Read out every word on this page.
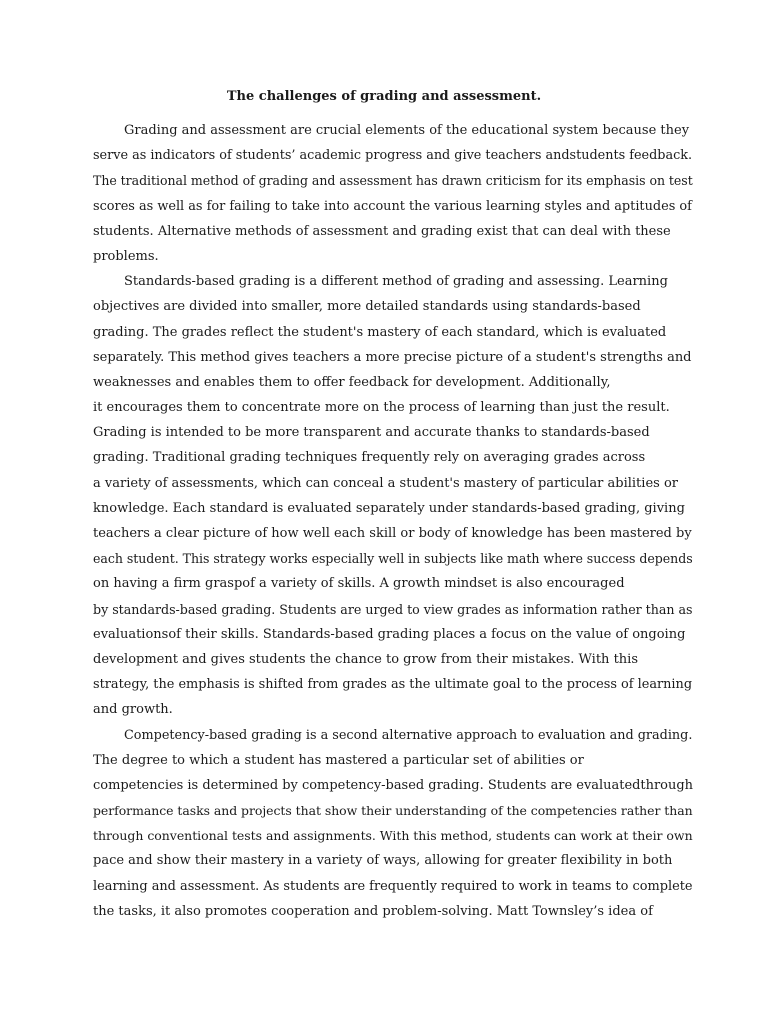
The challenges of grading and assessment.

Grading and assessment are crucial elements of the educational system because they

serve as indicators of students’ academic progress and give teachers andstudents feedback.

The traditional method of grading and assessment has drawn criticism for its emphasis on test

scores as well as for failing to take into account the various learning styles and aptitudes of

students. Alternative methods of assessment and grading exist that can deal with these

problems.

Standards-based grading is a different method of grading and assessing. Learning

objectives are divided into smaller, more detailed standards using standards-based

grading. The grades reflect the student's mastery of each standard, which is evaluated

separately. This method gives teachers a more precise picture of a student's strengths and

weaknesses and enables them to offer feedback for development. Additionally,

it encourages them to concentrate more on the process of learning than just the result.

Grading is intended to be more transparent and accurate thanks to standards-based

grading. Traditional grading techniques frequently rely on averaging grades across

a variety of assessments, which can conceal a student's mastery of particular abilities or

knowledge. Each standard is evaluated separately under standards-based grading, giving

teachers a clear picture of how well each skill or body of knowledge has been mastered by

each student. This strategy works especially well in subjects like math where success depends

on having a firm graspof a variety of skills. A growth mindset is also encouraged

by standards-based grading. Students are urged to view grades as information rather than as

evaluationsof their skills. Standards-based grading places a focus on the value of ongoing

development and gives students the chance to grow from their mistakes. With this

strategy, the emphasis is shifted from grades as the ultimate goal to the process of learning

and growth.

Competency-based grading is a second alternative approach to evaluation and grading.

The degree to which a student has mastered a particular set of abilities or

competencies is determined by competency-based grading. Students are evaluatedthrough

performance tasks and projects that show their understanding of the competencies rather than

through conventional tests and assignments. With this method, students can work at their own

pace and show their mastery in a variety of ways, allowing for greater flexibility in both

learning and assessment. As students are frequently required to work in teams to complete

the tasks, it also promotes cooperation and problem-solving. Matt Townsley’s idea of
